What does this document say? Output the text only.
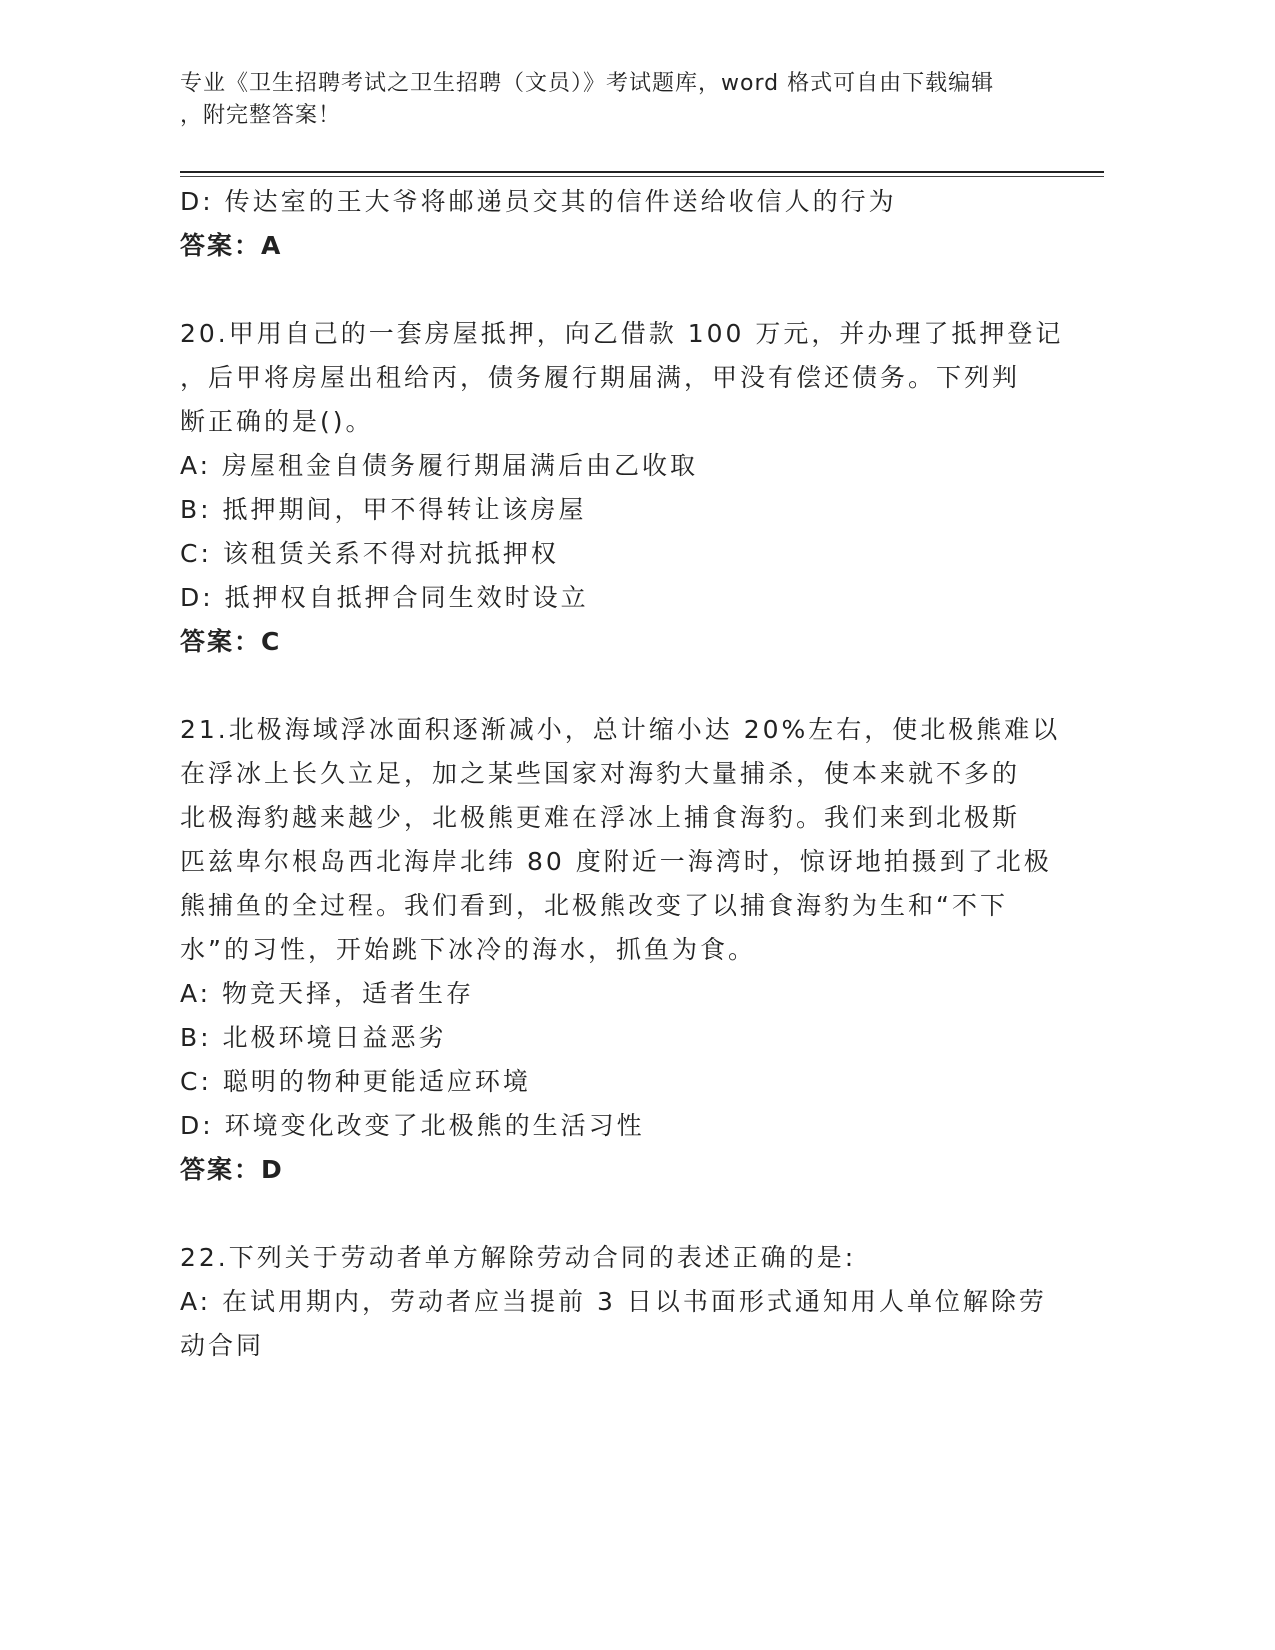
专业《卫生招聘考试之卫生招聘（文员）》考试题库，word 格式可自由下载编辑
，附完整答案！
D: 传达室的王大爷将邮递员交其的信件送给收信人的行为
答案：A
20.甲用自己的一套房屋抵押，向乙借款 100 万元，并办理了抵押登记
，后甲将房屋出租给丙，债务履行期届满，甲没有偿还债务。下列判
断正确的是()。
A: 房屋租金自债务履行期届满后由乙收取
B: 抵押期间，甲不得转让该房屋
C: 该租赁关系不得对抗抵押权
D: 抵押权自抵押合同生效时设立
答案：C
21.北极海域浮冰面积逐渐减小，总计缩小达 20%左右，使北极熊难以
在浮冰上长久立足，加之某些国家对海豹大量捕杀，使本来就不多的
北极海豹越来越少，北极熊更难在浮冰上捕食海豹。我们来到北极斯
匹兹卑尔根岛西北海岸北纬 80 度附近一海湾时，惊讶地拍摄到了北极
熊捕鱼的全过程。我们看到，北极熊改变了以捕食海豹为生和“不下
水”的习性，开始跳下冰冷的海水，抓鱼为食。
A: 物竞天择，适者生存
B: 北极环境日益恶劣
C: 聪明的物种更能适应环境
D: 环境变化改变了北极熊的生活习性
答案：D
22.下列关于劳动者单方解除劳动合同的表述正确的是:
A: 在试用期内，劳动者应当提前 3 日以书面形式通知用人单位解除劳
动合同
